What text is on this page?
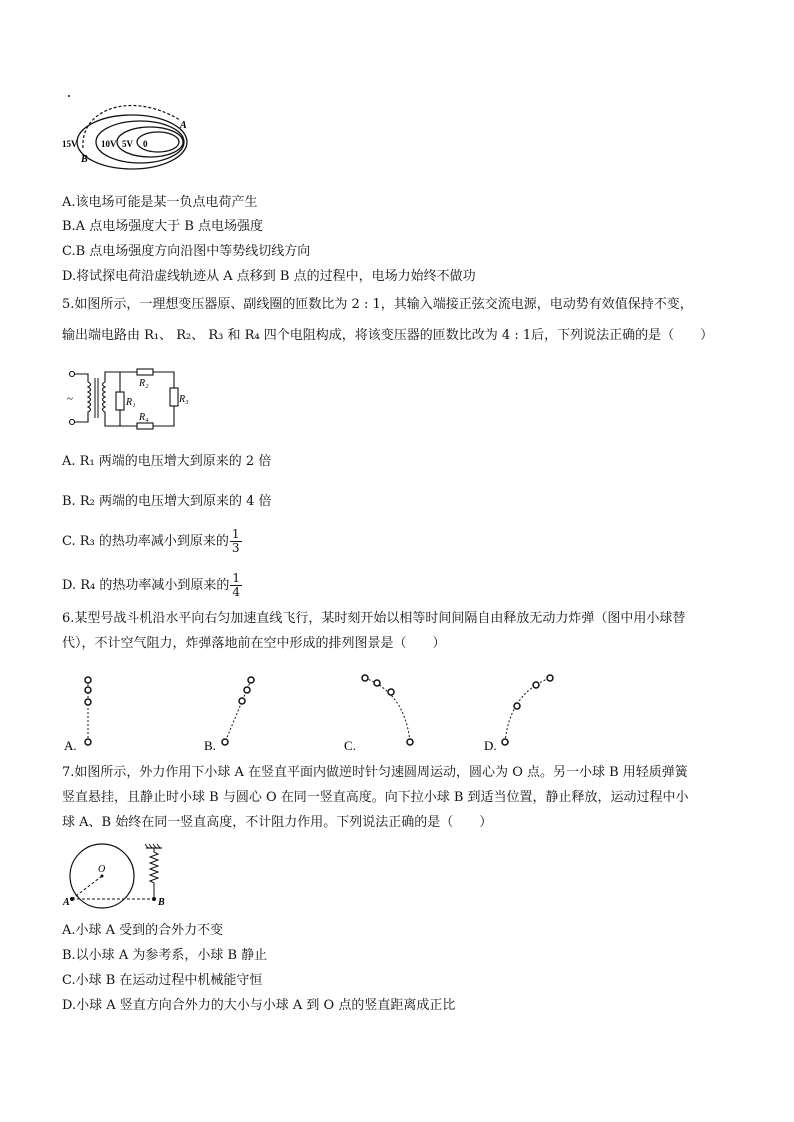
15V	10V 5V 0
A
B
A.该电场可能是某一负点电荷产生
B.A 点电场强度大于 B 点电场强度
C.B 点电场强度方向沿图中等势线切线方向
D.将试探电荷沿虚线轨迹从 A 点移到 B 点的过程中，电场力始终不做功
5.如图所示，一理想变压器原、副线圈的匝数比为 2 : 1，其输入端接正弦交流电源，电动势有效值保持不变，
输出端电路由 R₁、 R₂、 R₃ 和 R₄ 四个电阻构成，将该变压器的匝数比改为 4 : 1后，下列说法正确的是（　　）
~	R₁
R₂
R₃
R₄
A. R₁ 两端的电压增大到原来的 2 倍
B. R₂ 两端的电压增大到原来的 4 倍
C. R₃ 的热功率减小到原来的 $\frac{1}{3}$
D. R₄ 的热功率减小到原来的 $\frac{1}{4}$
6.某型号战斗机沿水平向右匀加速直线飞行，某时刻开始以相等时间间隔自由释放无动力炸弹（图中用小球替
代），不计空气阻力，炸弹落地前在空中形成的排列图景是（　　）
A.	B.	C.	D.
7.如图所示，外力作用下小球 A 在竖直平面内做逆时针匀速圆周运动，圆心为 O 点。另一小球 B 用轻质弹簧
竖直悬挂，且静止时小球 B 与圆心 O 在同一竖直高度。向下拉小球 B 到适当位置，静止释放，运动过程中小
球 A、B 始终在同一竖直高度，不计阻力作用。下列说法正确的是（　　）
O
A	B
A.小球 A 受到的合外力不变
B.以小球 A 为参考系，小球 B 静止
C.小球 B 在运动过程中机械能守恒
D.小球 A 竖直方向合外力的大小与小球 A 到 O 点的竖直距离成正比
